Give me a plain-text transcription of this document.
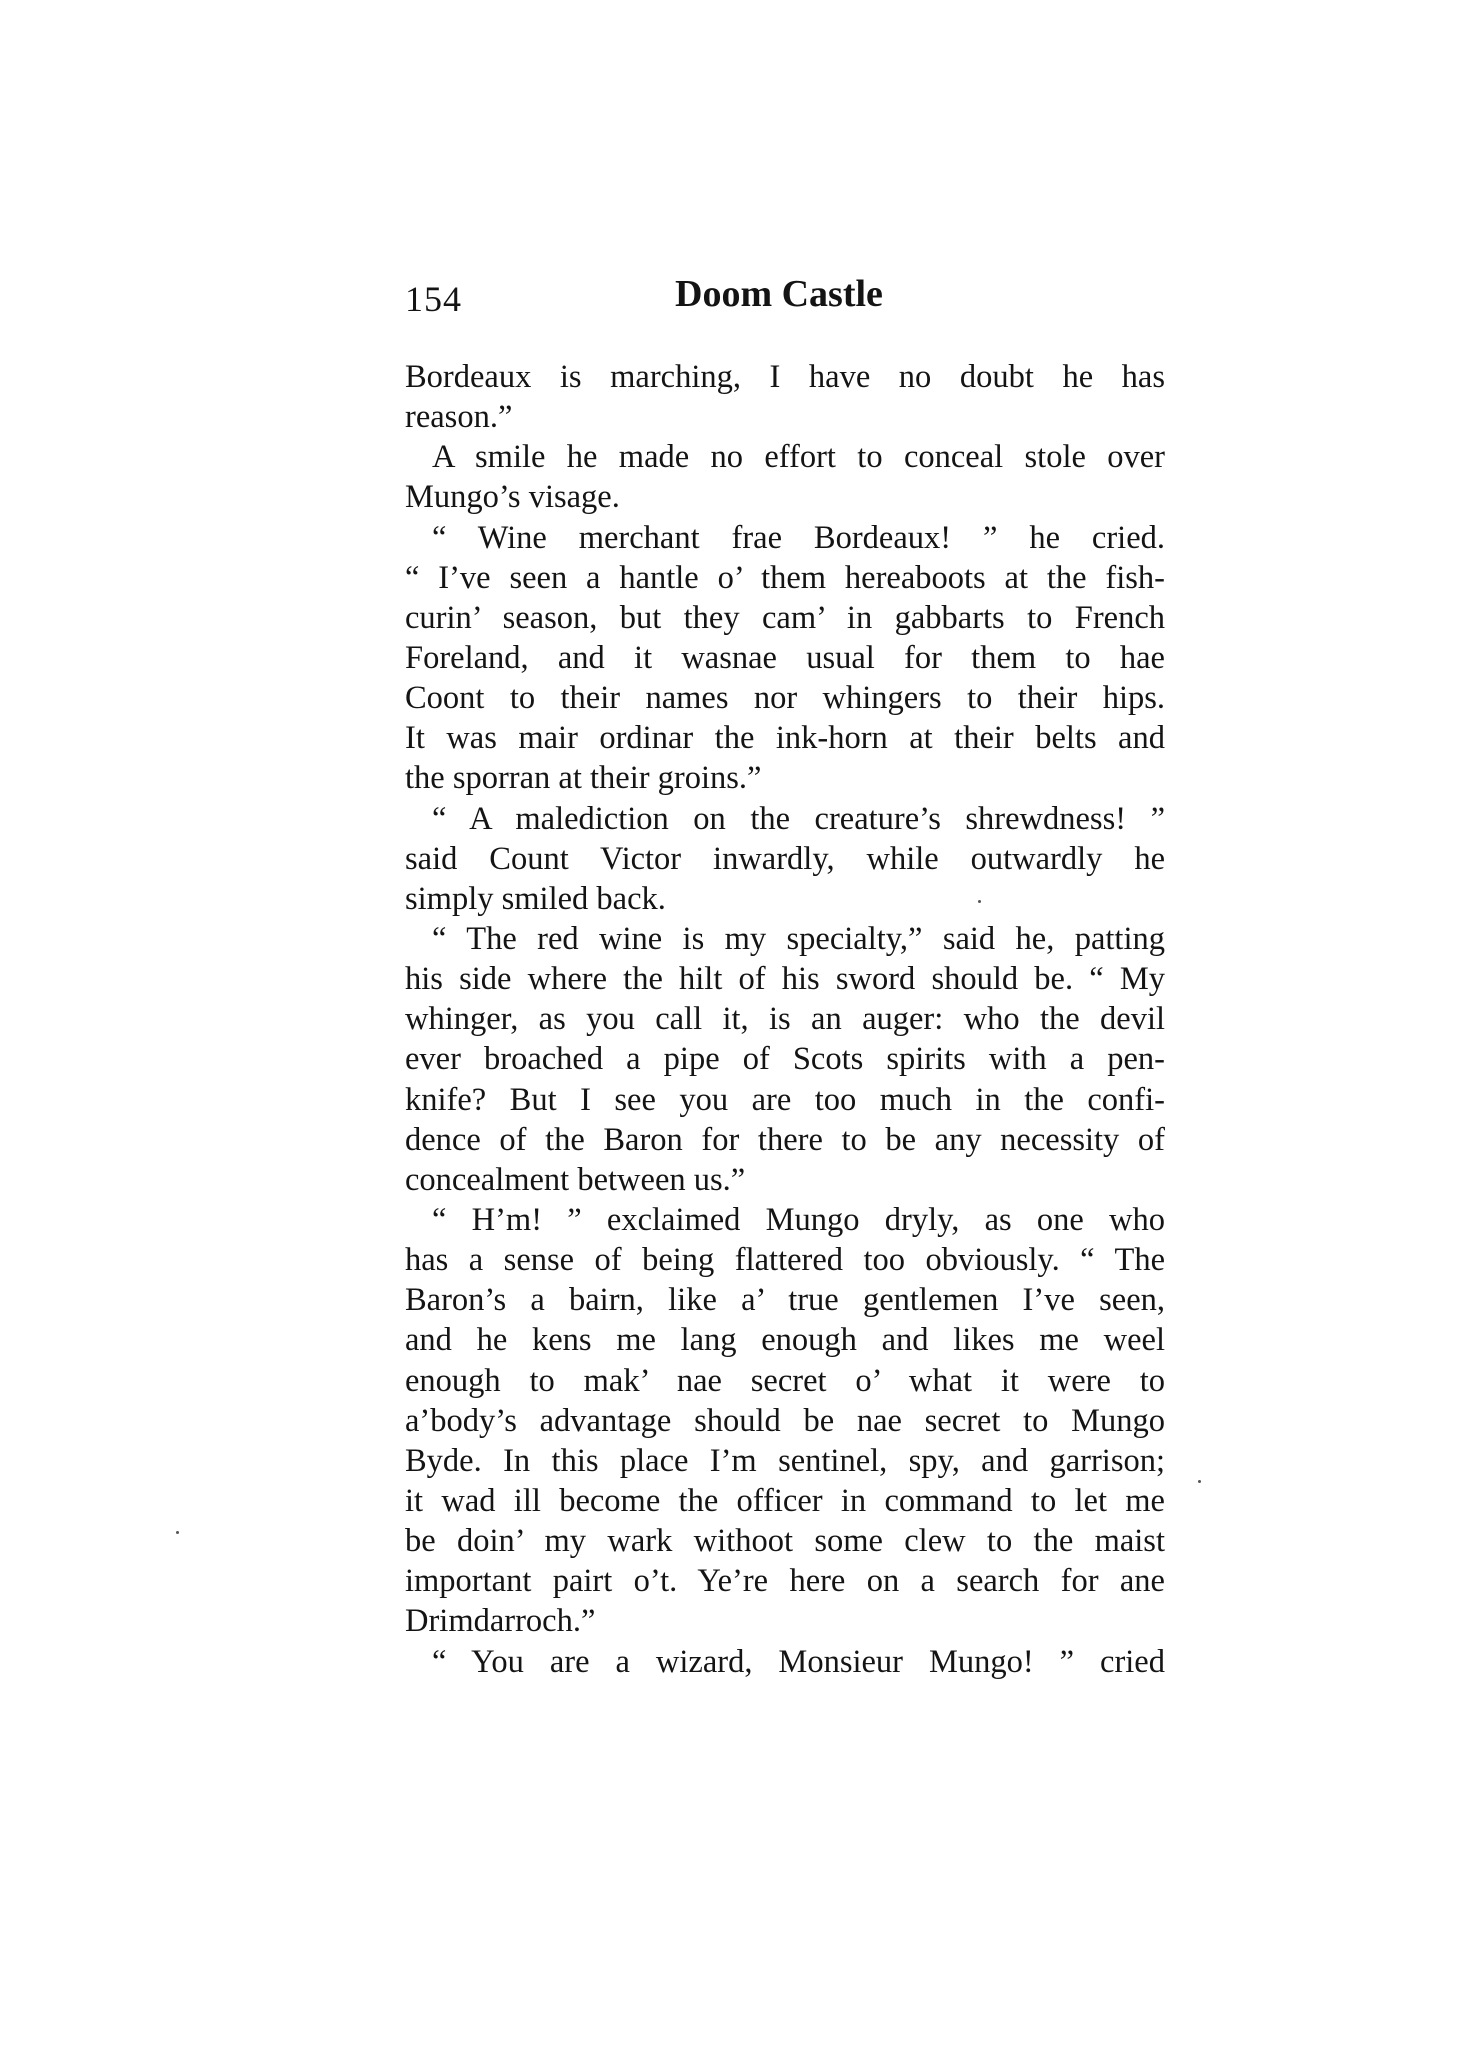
154	Doom Castle
Bordeaux is marching, I have no doubt he has
reason.”
A smile he made no effort to conceal stole over
Mungo’s visage.
“ Wine merchant frae Bordeaux! ” he cried.
“ I’ve seen a hantle o’ them hereaboots at the fish-
curin’ season, but they cam’ in gabbarts to French
Foreland, and it wasnae usual for them to hae
Coont to their names nor whingers to their hips.
It was mair ordinar the ink-horn at their belts and
the sporran at their groins.”
“ A malediction on the creature’s shrewdness! ”
said Count Victor inwardly, while outwardly he
simply smiled back.
“ The red wine is my specialty,” said he, patting
his side where the hilt of his sword should be. “ My
whinger, as you call it, is an auger: who the devil
ever broached a pipe of Scots spirits with a pen-
knife? But I see you are too much in the confi-
dence of the Baron for there to be any necessity of
concealment between us.”
“ H’m! ” exclaimed Mungo dryly, as one who
has a sense of being flattered too obviously. “ The
Baron’s a bairn, like a’ true gentlemen I’ve seen,
and he kens me lang enough and likes me weel
enough to mak’ nae secret o’ what it were to
a’body’s advantage should be nae secret to Mungo
Byde. In this place I’m sentinel, spy, and garrison;
it wad ill become the officer in command to let me
be doin’ my wark withoot some clew to the maist
important pairt o’t. Ye’re here on a search for ane
Drimdarroch.”
“ You are a wizard, Monsieur Mungo! ” cried
